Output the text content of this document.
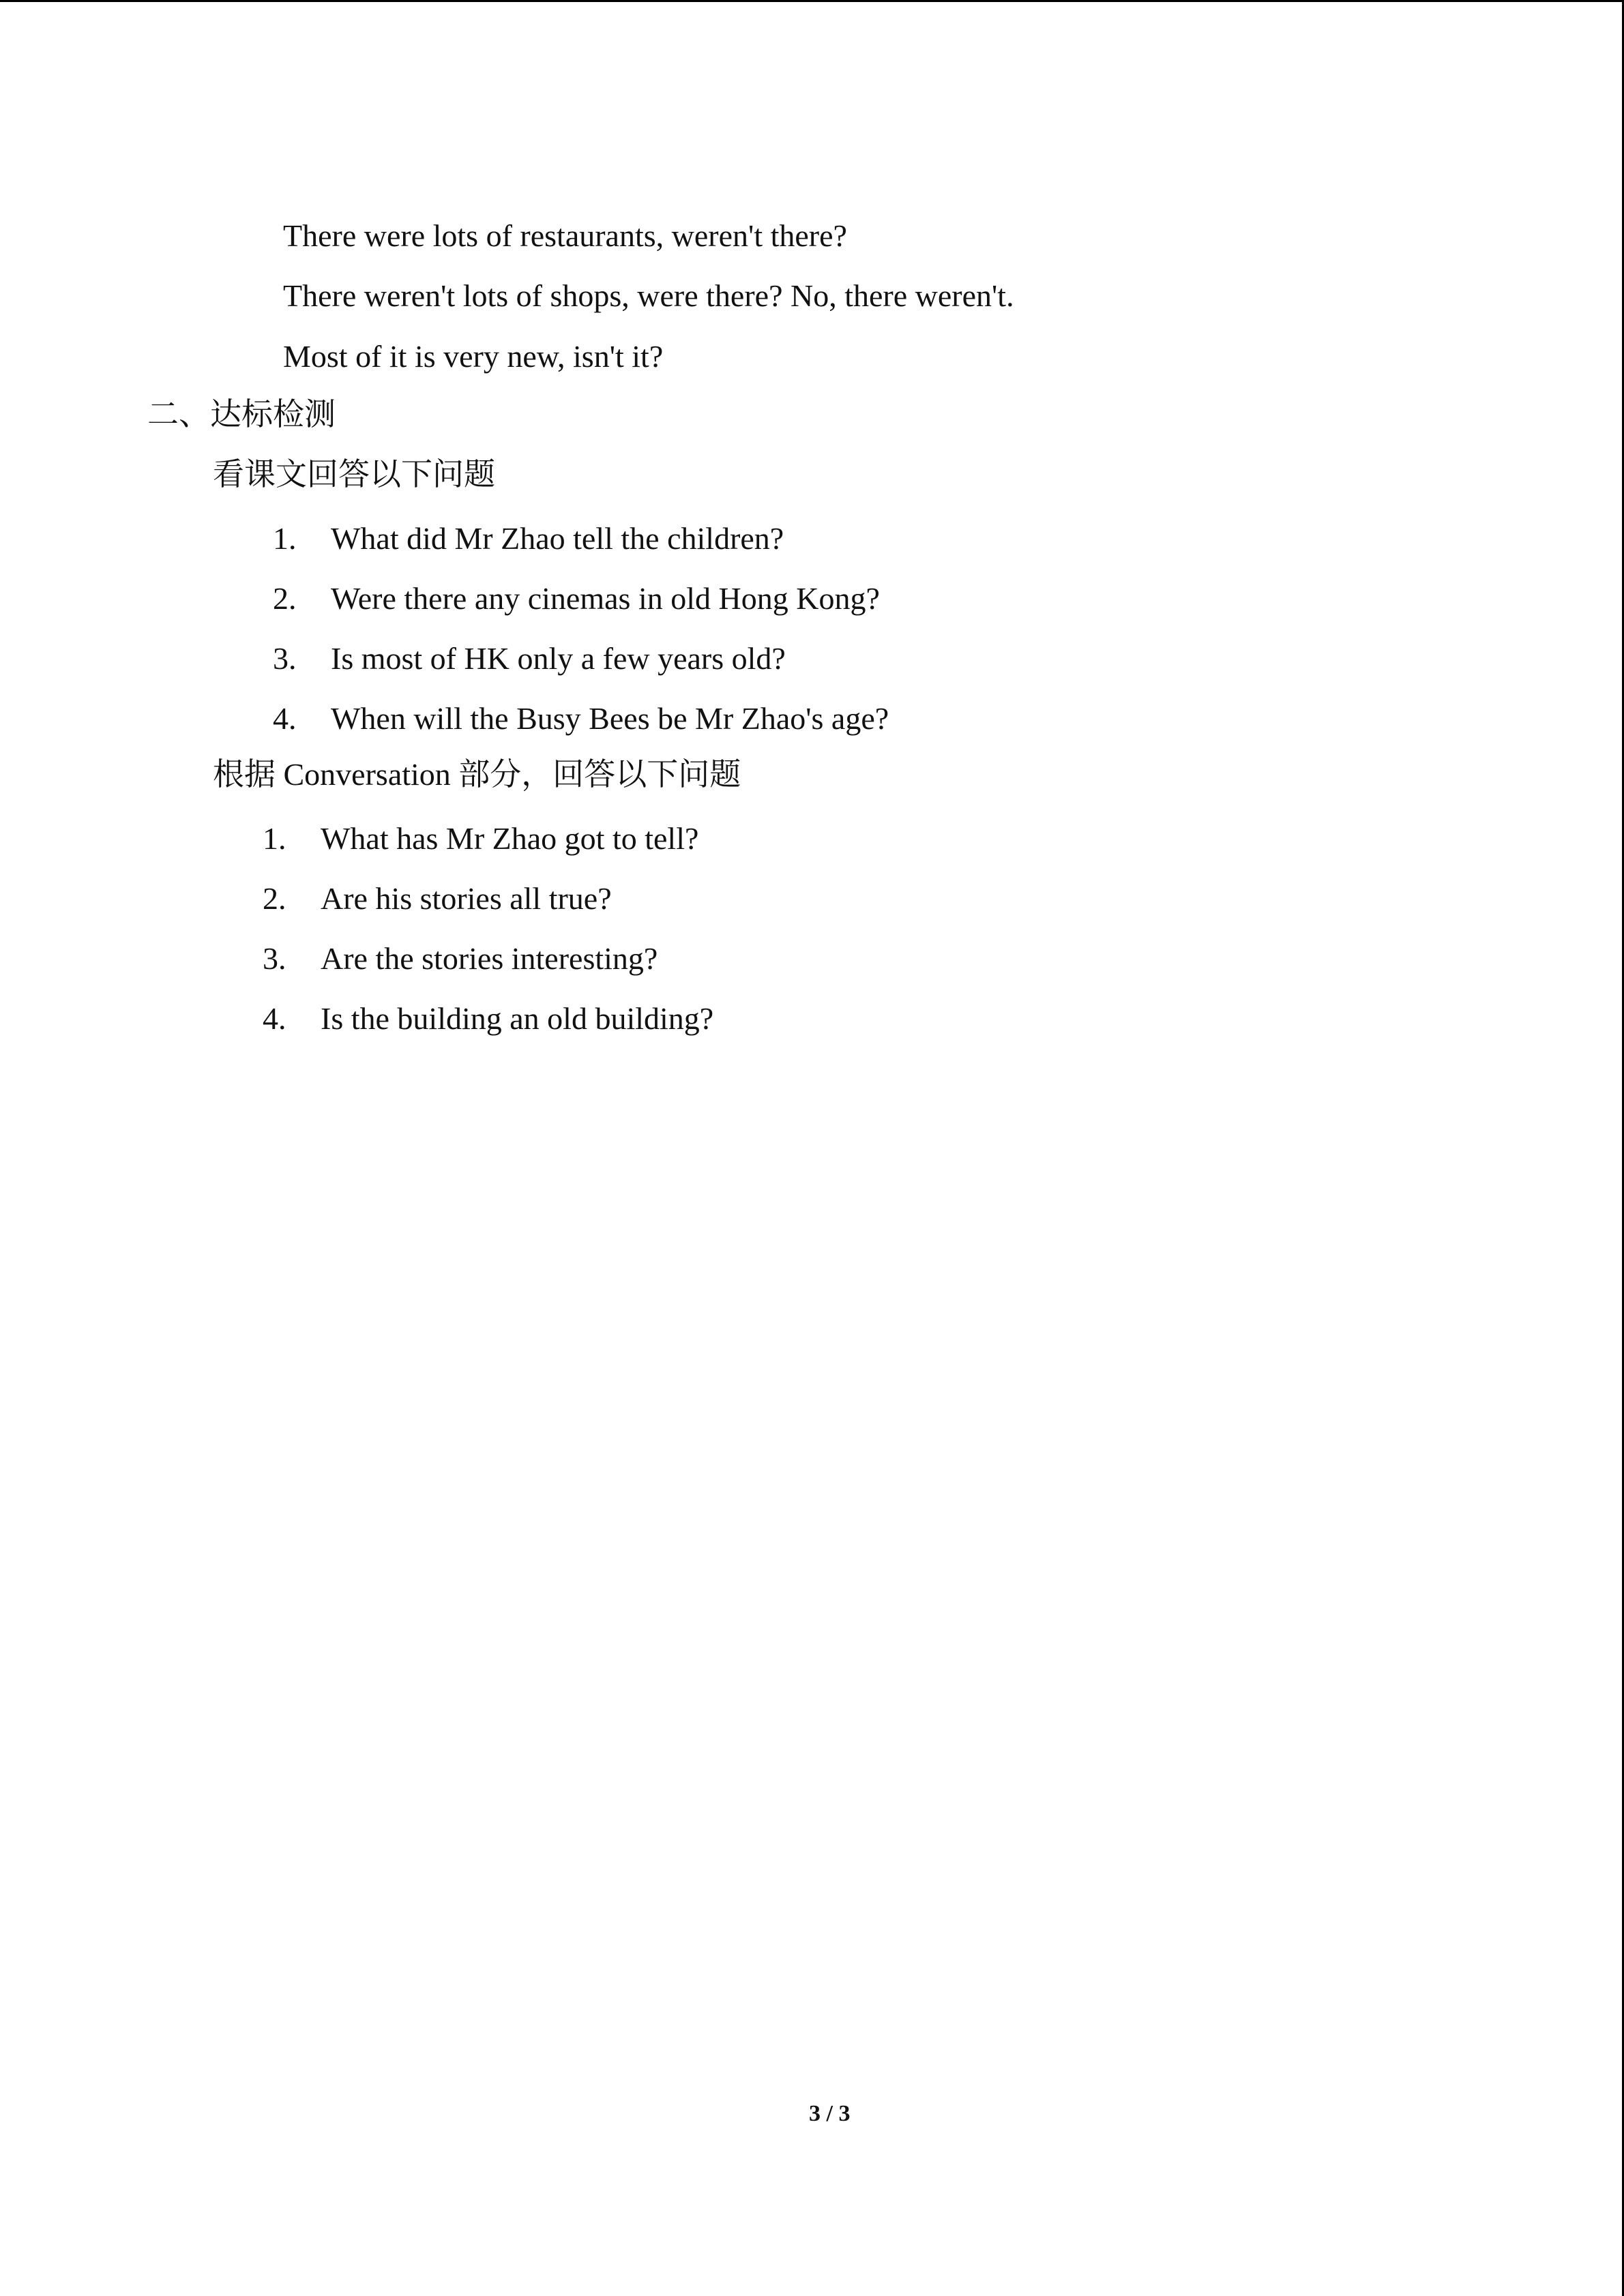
There were lots of restaurants, weren't there?
There weren't lots of shops, were there? No, there weren't.
Most of it is very new, isn't it?
二、达标检测
看课文回答以下问题
1. What did Mr Zhao tell the children?
2. Were there any cinemas in old Hong Kong?
3. Is most of HK only a few years old?
4. When will the Busy Bees be Mr Zhao's age?
根据 Conversation 部分，回答以下问题
1. What has Mr Zhao got to tell?
2. Are his stories all true?
3. Are the stories interesting?
4. Is the building an old building?
3 / 3
